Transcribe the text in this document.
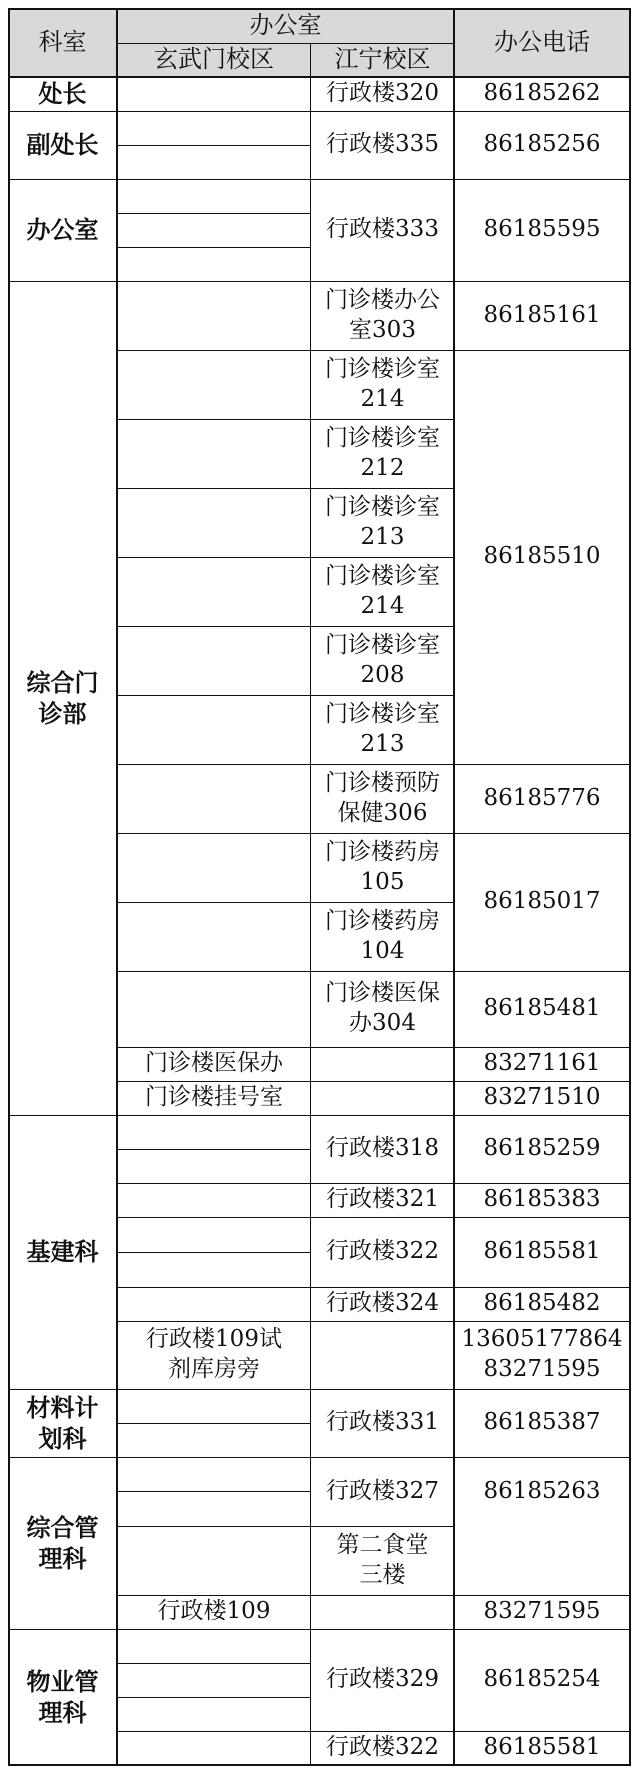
科室
办公室
玄武门校区	江宁校区
办公电话
处长
副处长
办公室
综合门诊部
基建科
材料计划科
综合管理科
物业管理科
门诊楼医保办
门诊楼挂号室
行政楼109试剂库房旁
行政楼109
行政楼320
行政楼335
行政楼333
门诊楼办公室303
门诊楼诊室214
门诊楼诊室212
门诊楼诊室213
门诊楼诊室214
门诊楼诊室208
门诊楼诊室213
门诊楼预防保健306
门诊楼药房105
门诊楼药房104
门诊楼医保办304
行政楼318
行政楼321
行政楼322
行政楼324
行政楼331
行政楼327
第二食堂三楼
行政楼329
行政楼322
86185262
86185256
86185595
86185161
86185510
86185776
86185017
86185481
83271161
83271510
86185259
86185383
86185581
86185482
13605177864 83271595
86185387
86185263
83271595
86185254
86185581
